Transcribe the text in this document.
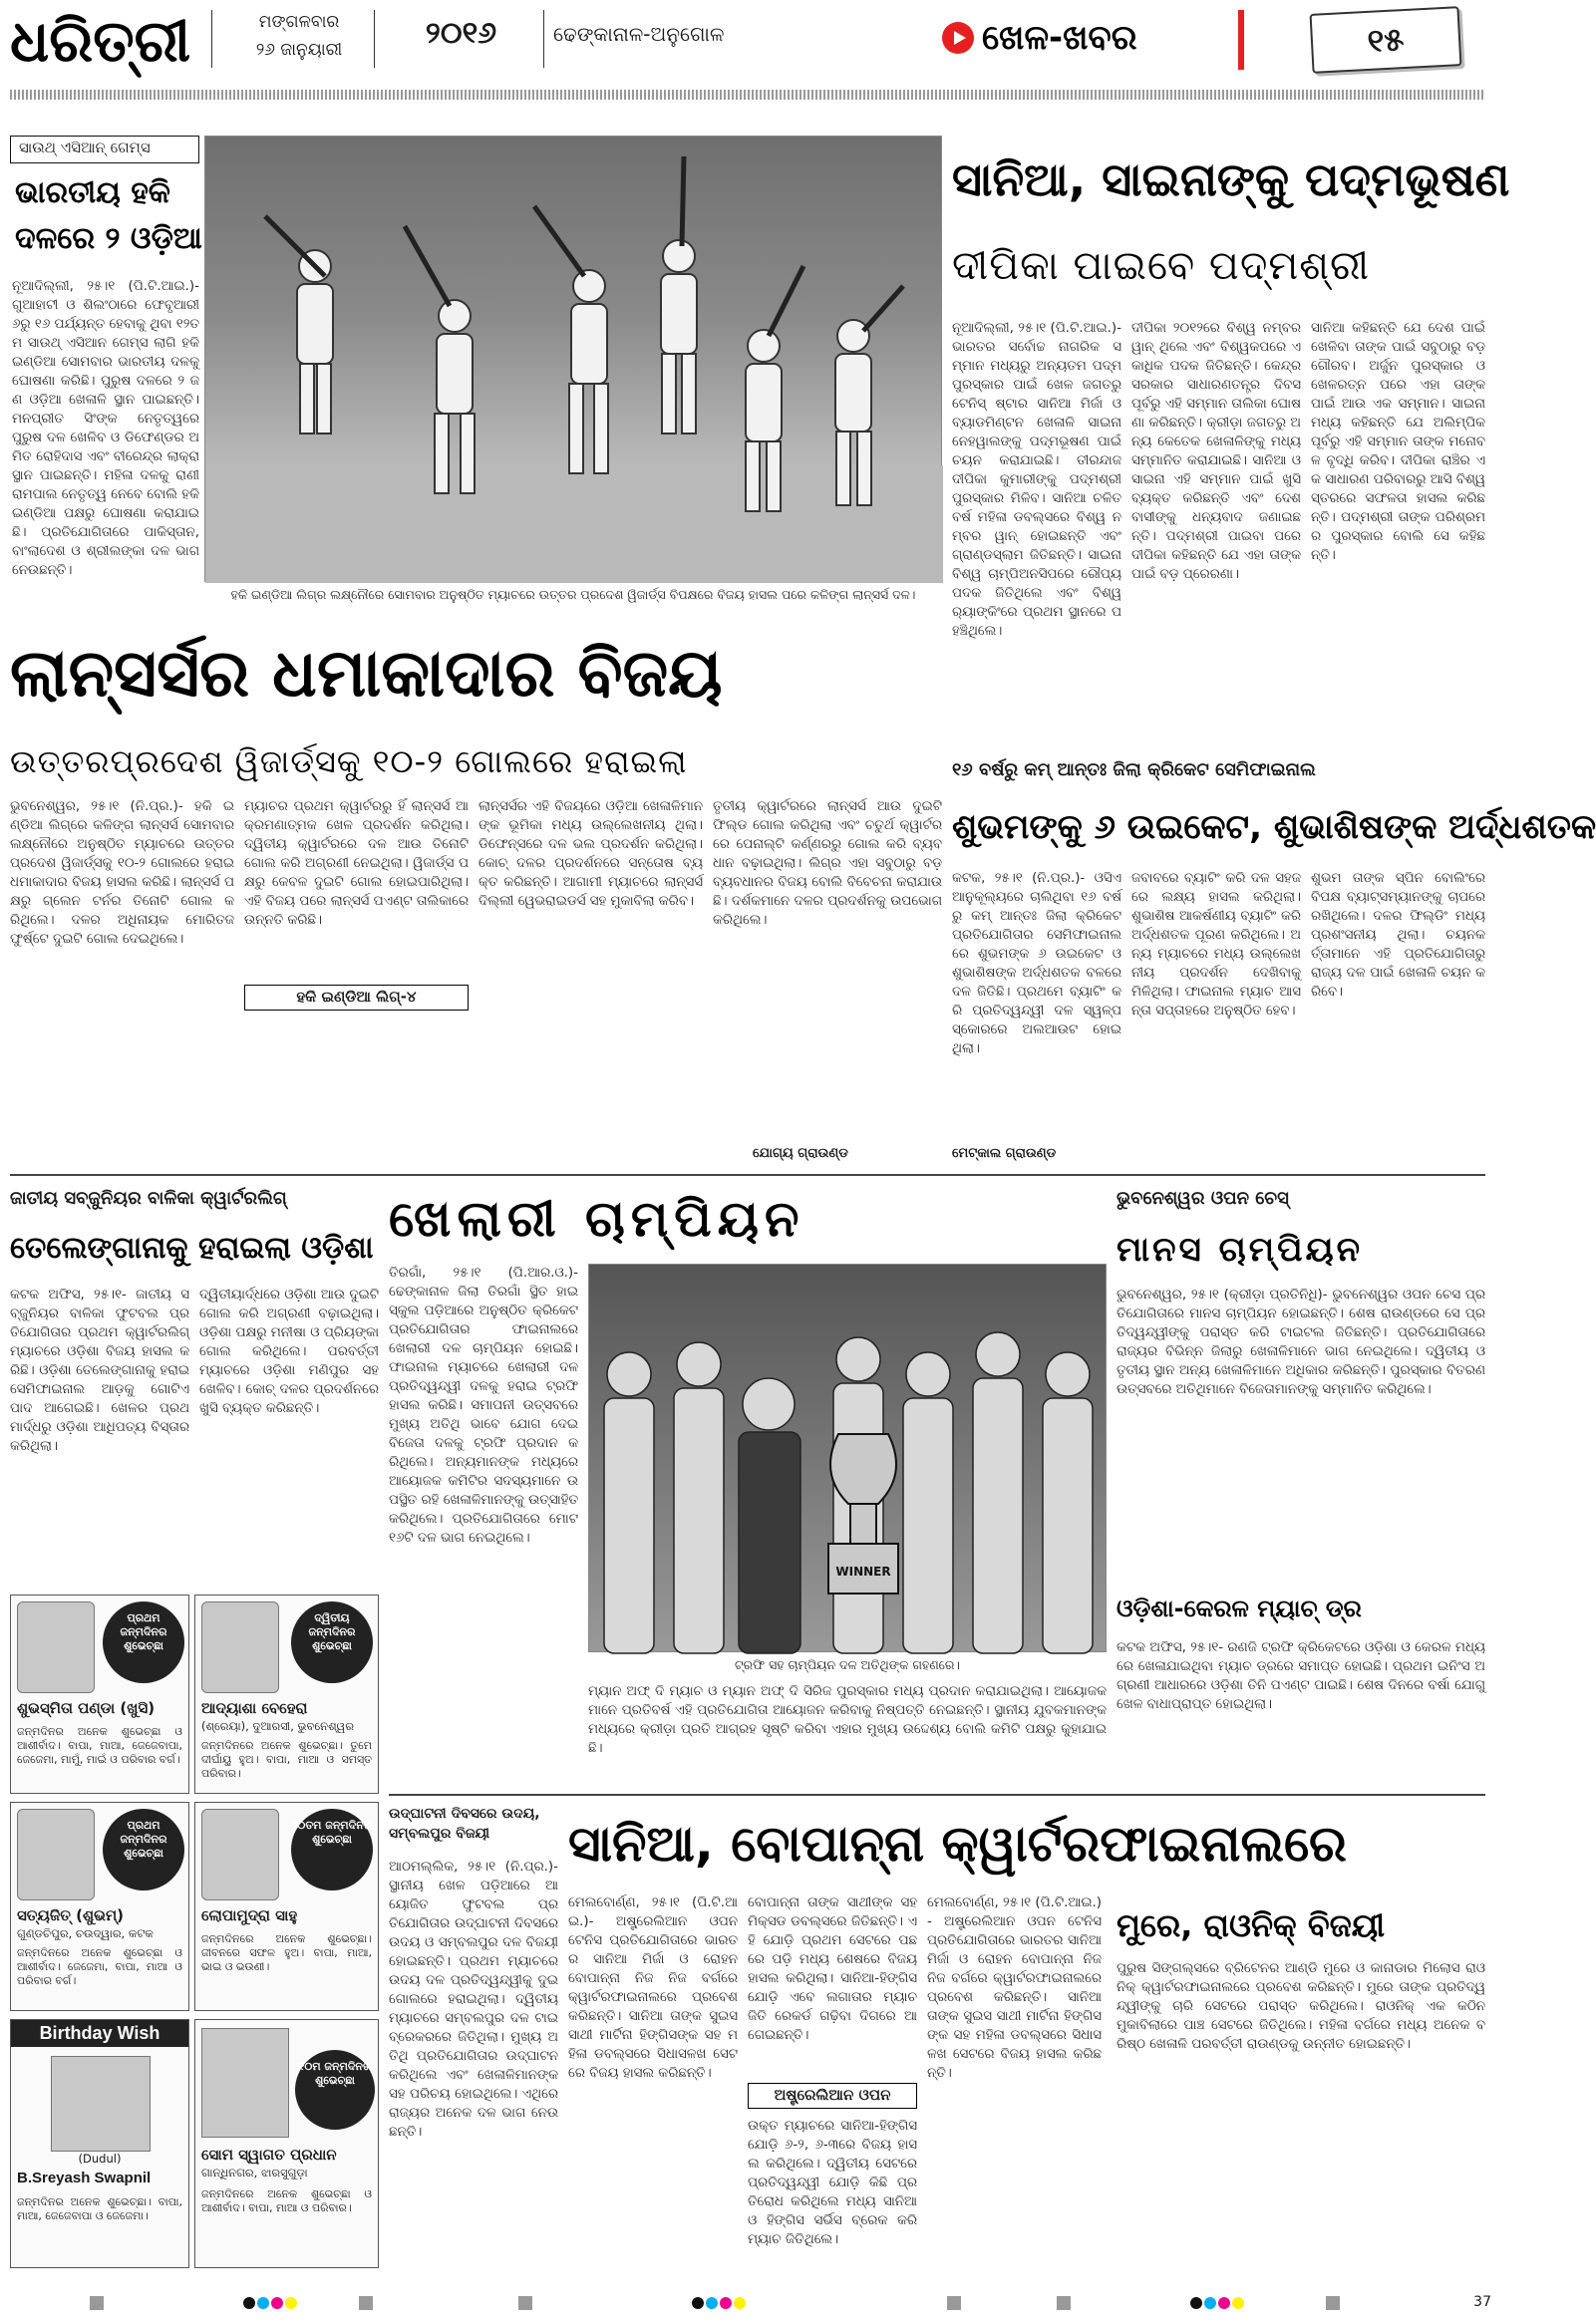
ଧରିତ୍ରୀ	ମଙ୍ଗଳବାର
୨୬ ଜାନୁୟାରୀ	୨୦୧୬	ଢେଙ୍କାନାଳ-ଅନୁଗୋଳ	ଖେଳ-ଖବର	୧୫
ସାଉଥ୍ ଏସିଆନ୍ ଗେମ୍ସ
ଭାରତୀୟ ହକି
ଦଳରେ ୨ ଓଡ଼ିଆ
ନୂଆଦିଲ୍ଲୀ, ୨୫।୧ (ପି.ଟି.ଆଇ.)- ଗୁଆହାଟୀ ଓ ଶିଲଂଠାରେ ଫେବୃଆରୀ ୬ରୁ ୧୬ ପର୍ଯ୍ୟନ୍ତ ହେବାକୁ ଥିବା ୧୨ତମ ସାଉଥ୍ ଏସିଆନ ଗେମ୍ସ ଲାଗି ହକି ଇଣ୍ଡିଆ ସୋମବାର ଭାରତୀୟ ଦଳକୁ ଘୋଷଣା କରିଛି। ପୁରୁଷ ଦଳରେ ୨ ଜଣ ଓଡ଼ିଆ ଖେଳାଳି ସ୍ଥାନ ପାଇଛନ୍ତି। ମନପ୍ରୀତ ସିଂଙ୍କ ନେତୃତ୍ୱରେ ପୁରୁଷ ଦଳ ଖେଳିବ ଓ ଡିଫେଣ୍ଡର ଅମିତ ରୋହିଦାସ ଏବଂ ବୀରେନ୍ଦ୍ର ଲାକ୍ରା ସ୍ଥାନ ପାଇଛନ୍ତି। ମହିଳା ଦଳକୁ ରାଣୀ ରାମପାଲ ନେତୃତ୍ୱ ନେବେ ବୋଲି ହକି ଇଣ୍ଡିଆ ପକ୍ଷରୁ ଘୋଷଣା କରାଯାଇଛି। ପ୍ରତିଯୋଗିତାରେ ପାକିସ୍ତାନ, ବାଂଲାଦେଶ ଓ ଶ୍ରୀଲଙ୍କା ଦଳ ଭାଗ ନେଉଛନ୍ତି।
ହକି ଇଣ୍ଡିଆ ଲିଗ୍‌ର ଲକ୍ଷ୍ନୌରେ ସୋମବାର ଅନୁଷ୍ଠିତ ମ୍ୟାଚରେ ଉତ୍ତର ପ୍ରଦେଶ ୱିଜାର୍ଡ୍ସ ବିପକ୍ଷରେ ବିଜୟ ହାସଲ ପରେ କଳିଙ୍ଗ ଲାନ୍ସର୍ସ ଦଳ।
ସାନିଆ, ସାଇନାଙ୍କୁ ପଦ୍ମଭୂଷଣ
ଦୀପିକା ପାଇବେ ପଦ୍ମଶ୍ରୀ
ନୂଆଦିଲ୍ଲୀ, ୨୫।୧ (ପି.ଟି.ଆଇ.)- ଭାରତର ସର୍ବୋଚ୍ଚ ନାଗରିକ ସମ୍ମାନ ମଧ୍ୟରୁ ଅନ୍ୟତମ ପଦ୍ମ ପୁରସ୍କାର ପାଇଁ ଖେଳ ଜଗତରୁ ଟେନିସ୍ ଷ୍ଟାର ସାନିଆ ମିର୍ଜା ଓ ବ୍ୟାଡମିଣ୍ଟନ ଖେଳାଳି ସାଇନା ନେହୱାଲଙ୍କୁ ପଦ୍ମଭୂଷଣ ପାଇଁ ଚୟନ କରାଯାଇଛି। ତୀରନ୍ଦାଜ ଦୀପିକା କୁମାରୀଙ୍କୁ ପଦ୍ମଶ୍ରୀ ପୁରସ୍କାର ମିଳିବ। ସାନିଆ ଚଳିତ ବର୍ଷ ମହିଳା ଡବଲ୍ସରେ ବିଶ୍ୱ ନମ୍ବର ୱାନ୍ ହୋଇଛନ୍ତି ଏବଂ ଗ୍ରାଣ୍ଡସ୍ଲାମ ଜିତିଛନ୍ତି। ସାଇନା ବିଶ୍ୱ ଚାମ୍ପିଅନସିପରେ ରୌପ୍ୟ ପଦକ ଜିତିଥିଲେ ଏବଂ ବିଶ୍ୱ ର‌୍ୟାଙ୍କିଂରେ ପ୍ରଥମ ସ୍ଥାନରେ ପହଞ୍ଚିଥିଲେ।
ଦୀପିକା ୨୦୧୨ରେ ବିଶ୍ୱ ନମ୍ବର ୱାନ୍ ଥିଲେ ଏବଂ ବିଶ୍ୱକପରେ ଏକାଧିକ ପଦକ ଜିତିଛନ୍ତି। କେନ୍ଦ୍ର ସରକାର ସାଧାରଣତନ୍ତ୍ର ଦିବସ ପୂର୍ବରୁ ଏହି ସମ୍ମାନ ତାଲିକା ଘୋଷଣା କରିଛନ୍ତି। କ୍ରୀଡ଼ା ଜଗତରୁ ଅନ୍ୟ କେତେକ ଖେଳାଳିଙ୍କୁ ମଧ୍ୟ ସମ୍ମାନିତ କରାଯାଇଛି। ସାନିଆ ଓ ସାଇନା ଏହି ସମ୍ମାନ ପାଇଁ ଖୁସି ବ୍ୟକ୍ତ କରିଛନ୍ତି ଏବଂ ଦେଶବାସୀଙ୍କୁ ଧନ୍ୟବାଦ ଜଣାଇଛନ୍ତି। ପଦ୍ମଶ୍ରୀ ପାଇବା ପରେ ଦୀପିକା କହିଛନ୍ତି ଯେ ଏହା ତାଙ୍କ ପାଇଁ ବଡ଼ ପ୍ରେରଣା।
ସାନିଆ କହିଛନ୍ତି ଯେ ଦେଶ ପାଇଁ ଖେଳିବା ତାଙ୍କ ପାଇଁ ସବୁଠାରୁ ବଡ଼ ଗୌରବ। ଅର୍ଜୁନ ପୁରସ୍କାର ଓ ଖେଳରତ୍ନ ପରେ ଏହା ତାଙ୍କ ପାଇଁ ଆଉ ଏକ ସମ୍ମାନ। ସାଇନା ମଧ୍ୟ କହିଛନ୍ତି ଯେ ଅଲିମ୍ପିକ ପୂର୍ବରୁ ଏହି ସମ୍ମାନ ତାଙ୍କ ମନୋବଳ ବୃଦ୍ଧି କରିବ। ଦୀପିକା ରାଞ୍ଚିର ଏକ ସାଧାରଣ ପରିବାରରୁ ଆସି ବିଶ୍ୱ ସ୍ତରରେ ସଫଳତା ହାସଲ କରିଛନ୍ତି। ପଦ୍ମଶ୍ରୀ ତାଙ୍କ ପରିଶ୍ରମର ପୁରସ୍କାର ବୋଲି ସେ କହିଛନ୍ତି।
ଲାନ୍ସର୍ସର ଧମାକାଦାର ବିଜୟ
ଉତ୍ତରପ୍ରଦେଶ ୱିଜାର୍ଡ୍ସକୁ ୧୦-୨ ଗୋଲରେ ହରାଇଲା
ଭୁବନେଶ୍ୱର, ୨୫।୧ (ନି.ପ୍ର.)- ହକି ଇଣ୍ଡିଆ ଲିଗ୍‌ରେ କଳିଙ୍ଗ ଲାନ୍ସର୍ସ ସୋମବାର ଲକ୍ଷ୍ନୌରେ ଅନୁଷ୍ଠିତ ମ୍ୟାଚରେ ଉତ୍ତରପ୍ରଦେଶ ୱିଜାର୍ଡ୍ସକୁ ୧୦-୨ ଗୋଲରେ ହରାଇ ଧମାକାଦାର ବିଜୟ ହାସଲ କରିଛି। ଲାନ୍ସର୍ସ ପକ୍ଷରୁ ଗ୍ଲେନ ଟର୍ନର ତିନୋଟି ଗୋଲ କରିଥିଲେ। ଦଳର ଅଧିନାୟକ ମୋରିତଜ ଫୁର୍ଷ୍ଟେ ଦୁଇଟି ଗୋଲ ଦେଇଥିଲେ।
ମ୍ୟାଚର ପ୍ରଥମ କ୍ୱାର୍ଟରରୁ ହିଁ ଲାନ୍ସର୍ସ ଆକ୍ରମଣାତ୍ମକ ଖେଳ ପ୍ରଦର୍ଶନ କରିଥିଲା। ଦ୍ୱିତୀୟ କ୍ୱାର୍ଟରରେ ଦଳ ଆଉ ତିନୋଟି ଗୋଲ କରି ଅଗ୍ରଣୀ ନେଇଥିଲା। ୱିଜାର୍ଡ୍ସ ପକ୍ଷରୁ କେବଳ ଦୁଇଟି ଗୋଲ ହୋଇପାରିଥିଲା। ଏହି ବିଜୟ ପରେ ଲାନ୍ସର୍ସ ପଏଣ୍ଟ ତାଲିକାରେ ଉନ୍ନତି କରିଛି।
ହକି ଇଣ୍ଡିଆ ଲିଗ୍-୪
ଲାନ୍ସର୍ସର ଏହି ବିଜୟରେ ଓଡ଼ିଆ ଖେଳାଳିମାନଙ୍କ ଭୂମିକା ମଧ୍ୟ ଉଲ୍ଲେଖନୀୟ ଥିଲା। ଡିଫେନ୍ସରେ ଦଳ ଭଲ ପ୍ରଦର୍ଶନ କରିଥିଲା। କୋଚ୍ ଦଳର ପ୍ରଦର୍ଶନରେ ସନ୍ତୋଷ ବ୍ୟକ୍ତ କରିଛନ୍ତି। ଆଗାମୀ ମ୍ୟାଚରେ ଲାନ୍ସର୍ସ ଦିଲ୍ଲୀ ୱେଭରାଇଡର୍ସ ସହ ମୁକାବିଲା କରିବ।
ତୃତୀୟ କ୍ୱାର୍ଟରରେ ଲାନ୍ସର୍ସ ଆଉ ଦୁଇଟି ଫିଲ୍ଡ ଗୋଲ କରିଥିଲା ଏବଂ ଚତୁର୍ଥ କ୍ୱାର୍ଟରରେ ପେନାଲ୍ଟି କର୍ଣ୍ଣରରୁ ଗୋଲ କରି ବ୍ୟବଧାନ ବଢ଼ାଇଥିଲା। ଲିଗ୍‌ର ଏହା ସବୁଠାରୁ ବଡ଼ ବ୍ୟବଧାନର ବିଜୟ ବୋଲି ବିବେଚନା କରାଯାଉଛି। ଦର୍ଶକମାନେ ଦଳର ପ୍ରଦର୍ଶନକୁ ଉପଭୋଗ କରିଥିଲେ।
୧୬ ବର୍ଷରୁ କମ୍ ଆନ୍ତଃ ଜିଲା କ୍ରିକେଟ ସେମିଫାଇନାଲ
ଶୁଭମଙ୍କୁ ୬ ଉଇକେଟ, ଶୁଭାଶିଷଙ୍କ ଅର୍ଦ୍ଧଶତକ
କଟକ, ୨୫।୧ (ନି.ପ୍ର.)- ଓସିଏ ଆନୁକୂଲ୍ୟରେ ଚାଲିଥିବା ୧୬ ବର୍ଷରୁ କମ୍ ଆନ୍ତଃ ଜିଲା କ୍ରିକେଟ ପ୍ରତିଯୋଗିତାର ସେମିଫାଇନାଲରେ ଶୁଭମଙ୍କ ୬ ଉଇକେଟ ଓ ଶୁଭାଶିଷଙ୍କ ଅର୍ଦ୍ଧଶତକ ବଳରେ ଦଳ ଜିତିଛି। ପ୍ରଥମେ ବ୍ୟାଟିଂ କରି ପ୍ରତିଦ୍ୱନ୍ଦ୍ୱୀ ଦଳ ସ୍ୱଳ୍ପ ସ୍କୋରରେ ଅଲଆଉଟ ହୋଇଥିଲା।
ଜବାବରେ ବ୍ୟାଟିଂ କରି ଦଳ ସହଜରେ ଲକ୍ଷ୍ୟ ହାସଲ କରିଥିଲା। ଶୁଭାଶିଷ ଆକର୍ଷଣୀୟ ବ୍ୟାଟିଂ କରି ଅର୍ଦ୍ଧଶତକ ପୂରଣ କରିଥିଲେ। ଅନ୍ୟ ମ୍ୟାଚରେ ମଧ୍ୟ ଉଲ୍ଲେଖନୀୟ ପ୍ରଦର୍ଶନ ଦେଖିବାକୁ ମିଳିଥିଲା। ଫାଇନାଲ ମ୍ୟାଚ ଆସନ୍ତା ସପ୍ତାହରେ ଅନୁଷ୍ଠିତ ହେବ।
ଶୁଭମ ତାଙ୍କ ସ୍ପିନ ବୋଲିଂରେ ବିପକ୍ଷ ବ୍ୟାଟ୍ସମ୍ୟାନଙ୍କୁ ଚାପରେ ରଖିଥିଲେ। ଦଳର ଫିଲ୍ଡିଂ ମଧ୍ୟ ପ୍ରଶଂସନୀୟ ଥିଲା। ଚୟନକର୍ତ୍ତାମାନେ ଏହି ପ୍ରତିଯୋଗିତାରୁ ରାଜ୍ୟ ଦଳ ପାଇଁ ଖେଳାଳି ଚୟନ କରିବେ।
ଯୋଗ୍ୟ ଗ୍ରାଉଣ୍ଡ	ମେଟ୍‌କାଲ ଗ୍ରାଉଣ୍ଡ
ଜାତୀୟ ସବ୍‌ଜୁନିୟର ବାଳିକା କ୍ୱାର୍ଟରଲିଗ୍
ତେଲେଙ୍ଗାନାକୁ ହରାଇଲା ଓଡ଼ିଶା
କଟକ ଅଫିସ, ୨୫।୧- ଜାତୀୟ ସବ୍‌ଜୁନିୟର ବାଳିକା ଫୁଟବଲ ପ୍ରତିଯୋଗିତାର ପ୍ରଥମ କ୍ୱାର୍ଟରଲିଗ୍ ମ୍ୟାଚରେ ଓଡ଼ିଶା ବିଜୟ ହାସଲ କରିଛି। ଓଡ଼ିଶା ତେଲେଙ୍ଗାନାକୁ ହରାଇ ସେମିଫାଇନାଲ ଆଡ଼କୁ ଗୋଟିଏ ପାଦ ଆଗେଇଛି। ଖେଳର ପ୍ରଥମାର୍ଦ୍ଧରୁ ଓଡ଼ିଶା ଆଧିପତ୍ୟ ବିସ୍ତାର କରିଥିଲା।
ଦ୍ୱିତୀୟାର୍ଦ୍ଧରେ ଓଡ଼ିଶା ଆଉ ଦୁଇଟି ଗୋଲ କରି ଅଗ୍ରଣୀ ବଢ଼ାଇଥିଲା। ଓଡ଼ିଶା ପକ୍ଷରୁ ମନୀଷା ଓ ପ୍ରିୟଙ୍କା ଗୋଲ କରିଥିଲେ। ପରବର୍ତ୍ତୀ ମ୍ୟାଚରେ ଓଡ଼ିଶା ମଣିପୁର ସହ ଖେଳିବ। କୋଚ୍ ଦଳର ପ୍ରଦର୍ଶନରେ ଖୁସି ବ୍ୟକ୍ତ କରିଛନ୍ତି।
ଖେଲାରୀ ଚାମ୍ପିୟନ
ତିରଗାଁ, ୨୫।୧ (ପି.ଆର.ଓ.)- ଢେଙ୍କାନାଳ ଜିଲା ତିରଗାଁ ସ୍ଥିତ ହାଇସ୍କୁଲ ପଡ଼ିଆରେ ଅନୁଷ୍ଠିତ କ୍ରିକେଟ ପ୍ରତିଯୋଗିତାର ଫାଇନାଲରେ ଖେଲାରୀ ଦଳ ଚାମ୍ପିୟନ ହୋଇଛି। ଫାଇନାଲ ମ୍ୟାଚରେ ଖେଲାରୀ ଦଳ ପ୍ରତିଦ୍ୱନ୍ଦ୍ୱୀ ଦଳକୁ ହରାଇ ଟ୍ରଫି ହାସଲ କରିଛି। ସମାପନୀ ଉତ୍ସବରେ ମୁଖ୍ୟ ଅତିଥି ଭାବେ ଯୋଗ ଦେଇ ବିଜେତା ଦଳକୁ ଟ୍ରଫି ପ୍ରଦାନ କରିଥିଲେ। ଅନ୍ୟମାନଙ୍କ ମଧ୍ୟରେ ଆୟୋଜକ କମିଟିର ସଦସ୍ୟମାନେ ଉପସ୍ଥିତ ରହି ଖେଳାଳିମାନଙ୍କୁ ଉତ୍ସାହିତ କରିଥିଲେ। ପ୍ରତିଯୋଗିତାରେ ମୋଟ ୧୬ଟି ଦଳ ଭାଗ ନେଇଥିଲେ।
WINNER
ଟ୍ରଫି ସହ ଚାମ୍ପିୟନ ଦଳ ଅତିଥିଙ୍କ ଗହଣରେ।
ମ୍ୟାନ ଅଫ୍ ଦି ମ୍ୟାଚ ଓ ମ୍ୟାନ ଅଫ୍ ଦି ସିରିଜ ପୁରସ୍କାର ମଧ୍ୟ ପ୍ରଦାନ କରାଯାଇଥିଲା। ଆୟୋଜକମାନେ ପ୍ରତିବର୍ଷ ଏହି ପ୍ରତିଯୋଗିତା ଆୟୋଜନ କରିବାକୁ ନିଷ୍ପତ୍ତି ନେଇଛନ୍ତି। ସ୍ଥାନୀୟ ଯୁବକମାନଙ୍କ ମଧ୍ୟରେ କ୍ରୀଡ଼ା ପ୍ରତି ଆଗ୍ରହ ସୃଷ୍ଟି କରିବା ଏହାର ମୁଖ୍ୟ ଉଦ୍ଦେଶ୍ୟ ବୋଲି କମିଟି ପକ୍ଷରୁ କୁହାଯାଇଛି।
ଭୁବନେଶ୍ୱର ଓପନ ଚେସ୍
ମାନସ ଚାମ୍ପିୟନ
ଭୁବନେଶ୍ୱର, ୨୫।୧ (କ୍ରୀଡ଼ା ପ୍ରତିନିଧି)- ଭୁବନେଶ୍ୱର ଓପନ ଚେସ ପ୍ରତିଯୋଗିତାରେ ମାନସ ଚାମ୍ପିୟନ ହୋଇଛନ୍ତି। ଶେଷ ରାଉଣ୍ଡରେ ସେ ପ୍ରତିଦ୍ୱନ୍ଦ୍ୱୀଙ୍କୁ ପରାସ୍ତ କରି ଟାଇଟଲ ଜିତିଛନ୍ତି। ପ୍ରତିଯୋଗିତାରେ ରାଜ୍ୟର ବିଭିନ୍ନ ଜିଲାରୁ ଖେଳାଳିମାନେ ଭାଗ ନେଇଥିଲେ। ଦ୍ୱିତୀୟ ଓ ତୃତୀୟ ସ୍ଥାନ ଅନ୍ୟ ଖେଳାଳିମାନେ ଅଧିକାର କରିଛନ୍ତି। ପୁରସ୍କାର ବିତରଣ ଉତ୍ସବରେ ଅତିଥିମାନେ ବିଜେତାମାନଙ୍କୁ ସମ୍ମାନିତ କରିଥିଲେ।
ଓଡ଼ିଶା-କେରଳ ମ୍ୟାଚ୍ ଡ୍ର
କଟକ ଅଫିସ, ୨୫।୧- ରଣଜି ଟ୍ରଫି କ୍ରିକେଟରେ ଓଡ଼ିଶା ଓ କେରଳ ମଧ୍ୟରେ ଖେଳାଯାଇଥିବା ମ୍ୟାଚ ଡ୍ରରେ ସମାପ୍ତ ହୋଇଛି। ପ୍ରଥମ ଇନିଂସ ଅଗ୍ରଣୀ ଆଧାରରେ ଓଡ଼ିଶା ତିନି ପଏଣ୍ଟ ପାଇଛି। ଶେଷ ଦିନରେ ବର୍ଷା ଯୋଗୁ ଖେଳ ବାଧାପ୍ରାପ୍ତ ହୋଇଥିଲା।
ପ୍ରଥମ ଜନ୍ମଦିନର ଶୁଭେଚ୍ଛା
ଶୁଭସ୍ମିତା ପଣ୍ଡା (ଖୁସି)
ଜନ୍ମଦିନର ଅନେକ ଶୁଭେଚ୍ଛା ଓ ଆଶୀର୍ବାଦ। ବାପା, ମାଆ, ଜେଜେବାପା, ଜେଜେମା, ମାମୁଁ, ମାଇଁ ଓ ପରିବାର ବର୍ଗ।
ଦ୍ୱିତୀୟ ଜନ୍ମଦିନର ଶୁଭେଚ୍ଛା
ଆଦ୍ୟାଶା ବେହେରା
(ଶ୍ରେୟା), ଦୁଆରସୀ, ଭୁବନେଶ୍ୱର
ଜନ୍ମଦିନରେ ଅନେକ ଶୁଭେଚ୍ଛା। ତୁମେ ଦୀର୍ଘାୟୁ ହୁଅ। ବାପା, ମାଆ ଓ ସମସ୍ତ ପରିବାର।
ପ୍ରଥମ ଜନ୍ମଦିନର ଶୁଭେଚ୍ଛା
ସତ୍ୟଜିତ୍ (ଶୁଭମ୍)
ଗୁଣ୍ଡଚିପୁର, ଚଉଦ୍ୱାର, କଟକ
ଜନ୍ମଦିନରେ ଅନେକ ଶୁଭେଚ୍ଛା ଓ ଆଶୀର୍ବାଦ। ଜେଜେମା, ବାପା, ମାଆ ଓ ପରିବାର ବର୍ଗ।
୨୦ତମ ଜନ୍ମଦିନର ଶୁଭେଚ୍ଛା
ଲୋପାମୁଦ୍ରା ସାହୁ
ଜନ୍ମଦିନରେ ଅନେକ ଶୁଭେଚ୍ଛା। ଜୀବନରେ ସଫଳ ହୁଅ। ବାପା, ମାଆ, ଭାଇ ଓ ଭଉଣୀ।
Birthday Wish
(Dudul)
B.Sreyash Swapnil
ଜନ୍ମଦିନର ଅନେକ ଶୁଭେଚ୍ଛା। ବାପା, ମାଆ, ଜେଜେବାପା ଓ ଜେଜେମା।
୧୦ମ ଜନ୍ମଦିନର ଶୁଭେଚ୍ଛା
ସୋମ ସ୍ୱାଗତ ପ୍ରଧାନ
ଗାନ୍ଧିନଗର, ଝାରସୁଗୁଡ଼ା
ଜନ୍ମଦିନରେ ଅନେକ ଶୁଭେଚ୍ଛା ଓ ଆଶୀର୍ବାଦ। ବାପା, ମାଆ ଓ ପରିବାର।
ଉଦ୍‌ଘାଟନୀ ଦିବସରେ ଉଦୟ, ସମ୍ବଲପୁର ବିଜୟୀ
ଆଠମଲ୍ଲିକ, ୨୫।୧ (ନି.ପ୍ର.)- ସ୍ଥାନୀୟ ଖେଳ ପଡ଼ିଆରେ ଆୟୋଜିତ ଫୁଟବଲ ପ୍ରତିଯୋଗିତାର ଉଦ୍‌ଘାଟନୀ ଦିବସରେ ଉଦୟ ଓ ସମ୍ବଲପୁର ଦଳ ବିଜୟୀ ହୋଇଛନ୍ତି। ପ୍ରଥମ ମ୍ୟାଚରେ ଉଦୟ ଦଳ ପ୍ରତିଦ୍ୱନ୍ଦ୍ୱୀକୁ ଦୁଇ ଗୋଲରେ ହରାଇଥିଲା। ଦ୍ୱିତୀୟ ମ୍ୟାଚରେ ସମ୍ବଲପୁର ଦଳ ଟାଇବ୍ରେକରରେ ଜିତିଥିଲା। ମୁଖ୍ୟ ଅତିଥି ପ୍ରତିଯୋଗିତାର ଉଦ୍‌ଘାଟନ କରିଥିଲେ ଏବଂ ଖେଳାଳିମାନଙ୍କ ସହ ପରିଚୟ ହୋଇଥିଲେ। ଏଥିରେ ରାଜ୍ୟର ଅନେକ ଦଳ ଭାଗ ନେଉଛନ୍ତି।
ସାନିଆ, ବୋପାନ୍ନା କ୍ୱାର୍ଟରଫାଇନାଲରେ
ମେଲବୋର୍ଣ୍ଣ, ୨୫।୧ (ପି.ଟି.ଆଇ.)- ଅଷ୍ଟ୍ରେଲିଆନ ଓପନ ଟେନିସ ପ୍ରତିଯୋଗିତାରେ ଭାରତର ସାନିଆ ମିର୍ଜା ଓ ରୋହନ ବୋପାନ୍ନା ନିଜ ନିଜ ବର୍ଗରେ କ୍ୱାର୍ଟରଫାଇନାଲରେ ପ୍ରବେଶ କରିଛନ୍ତି। ସାନିଆ ତାଙ୍କ ସୁଇସ ସାଥୀ ମାର୍ଟିନା ହିଙ୍ଗିସଙ୍କ ସହ ମହିଳା ଡବଲ୍ସରେ ସିଧାସଳଖ ସେଟରେ ବିଜୟ ହାସଲ କରିଛନ୍ତି।
ବୋପାନ୍ନା ତାଙ୍କ ସାଥୀଙ୍କ ସହ ମିକ୍ସଡ ଡବଲ୍ସରେ ଜିତିଛନ୍ତି। ଏହି ଯୋଡ଼ି ପ୍ରଥମ ସେଟରେ ପଛରେ ପଡ଼ି ମଧ୍ୟ ଶେଷରେ ବିଜୟ ହାସଲ କରିଥିଲା। ସାନିଆ-ହିଙ୍ଗିସ ଯୋଡ଼ି ଏବେ ଲଗାତାର ମ୍ୟାଚ ଜିତି ରେକର୍ଡ ଗଢ଼ିବା ଦିଗରେ ଆଗେଇଛନ୍ତି।
ଅଷ୍ଟ୍ରେଲିଆନ ଓପନ
ଉକ୍ତ ମ୍ୟାଚରେ ସାନିଆ-ହିଙ୍ଗିସ ଯୋଡ଼ି ୬-୨, ୬-୩ରେ ବିଜୟ ହାସଲ କରିଥିଲେ। ଦ୍ୱିତୀୟ ସେଟରେ ପ୍ରତିଦ୍ୱନ୍ଦ୍ୱୀ ଯୋଡ଼ି କିଛି ପ୍ରତିରୋଧ କରିଥିଲେ ମଧ୍ୟ ସାନିଆ ଓ ହିଙ୍ଗିସ ସର୍ଭିସ ବ୍ରେକ କରି ମ୍ୟାଚ ଜିତିଥିଲେ।
ମେଲବୋର୍ଣ୍ଣ, ୨୫।୧ (ପି.ଟି.ଆଇ.)- ଅଷ୍ଟ୍ରେଲିଆନ ଓପନ ଟେନିସ ପ୍ରତିଯୋଗିତାରେ ଭାରତର ସାନିଆ ମିର୍ଜା ଓ ରୋହନ ବୋପାନ୍ନା ନିଜ ନିଜ ବର୍ଗରେ କ୍ୱାର୍ଟରଫାଇନାଲରେ ପ୍ରବେଶ କରିଛନ୍ତି। ସାନିଆ ତାଙ୍କ ସୁଇସ ସାଥୀ ମାର୍ଟିନା ହିଙ୍ଗିସଙ୍କ ସହ ମହିଳା ଡବଲ୍ସରେ ସିଧାସଳଖ ସେଟରେ ବିଜୟ ହାସଲ କରିଛନ୍ତି।
ମୁରେ, ରାଓନିକ୍ ବିଜୟୀ
ପୁରୁଷ ସିଙ୍ଗଲ୍ସରେ ବ୍ରିଟେନର ଆଣ୍ଡି ମୁରେ ଓ କାନାଡାର ମିଲୋସ ରାଓନିକ୍ କ୍ୱାର୍ଟରଫାଇନାଲରେ ପ୍ରବେଶ କରିଛନ୍ତି। ମୁରେ ତାଙ୍କ ପ୍ରତିଦ୍ୱନ୍ଦ୍ୱୀଙ୍କୁ ଚାରି ସେଟରେ ପରାସ୍ତ କରିଥିଲେ। ରାଓନିକ୍ ଏକ କଠିନ ମୁକାବିଲାରେ ପାଞ୍ଚ ସେଟରେ ଜିତିଥିଲେ। ମହିଳା ବର୍ଗରେ ମଧ୍ୟ ଅନେକ ବରିଷ୍ଠ ଖେଳାଳି ପରବର୍ତ୍ତୀ ରାଉଣ୍ଡକୁ ଉନ୍ନୀତ ହୋଇଛନ୍ତି।
37
